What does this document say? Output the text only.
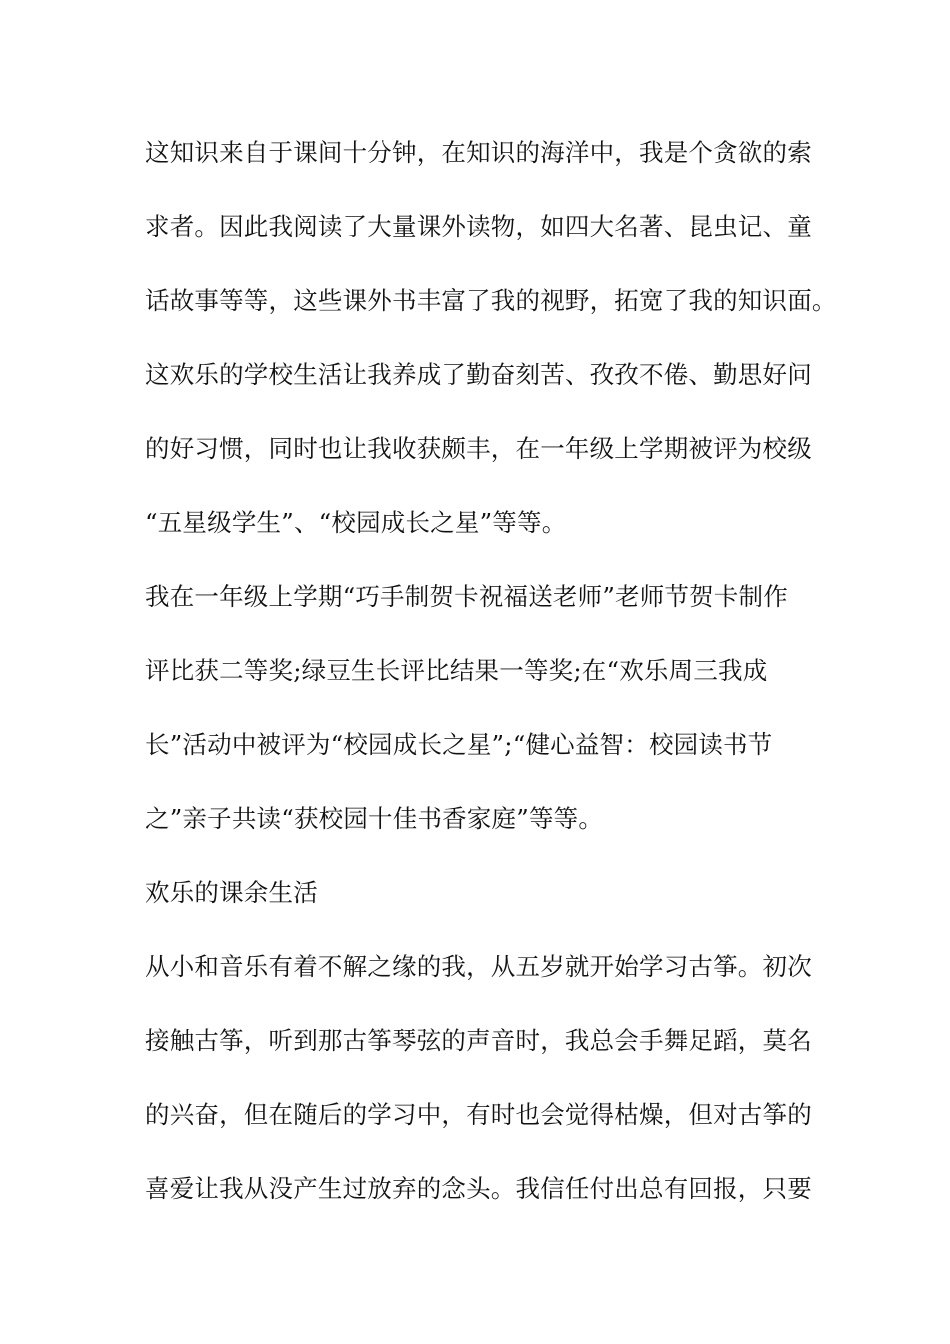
这知识来自于课间十分钟，在知识的海洋中，我是个贪欲的索
求者。因此我阅读了大量课外读物，如四大名著、昆虫记、童
话故事等等，这些课外书丰富了我的视野，拓宽了我的知识面。
这欢乐的学校生活让我养成了勤奋刻苦、孜孜不倦、勤思好问
的好习惯，同时也让我收获颇丰，在一年级上学期被评为校级
“五星级学生”、“校园成长之星”等等。
我在一年级上学期“巧手制贺卡祝福送老师”老师节贺卡制作
评比获二等奖;绿豆生长评比结果一等奖;在“欢乐周三我成
长”活动中被评为“校园成长之星”;“健心益智：校园读书节
之”亲子共读“获校园十佳书香家庭”等等。
欢乐的课余生活
从小和音乐有着不解之缘的我，从五岁就开始学习古筝。初次
接触古筝，听到那古筝琴弦的声音时，我总会手舞足蹈，莫名
的兴奋，但在随后的学习中，有时也会觉得枯燥，但对古筝的
喜爱让我从没产生过放弃的念头。我信任付出总有回报，只要
